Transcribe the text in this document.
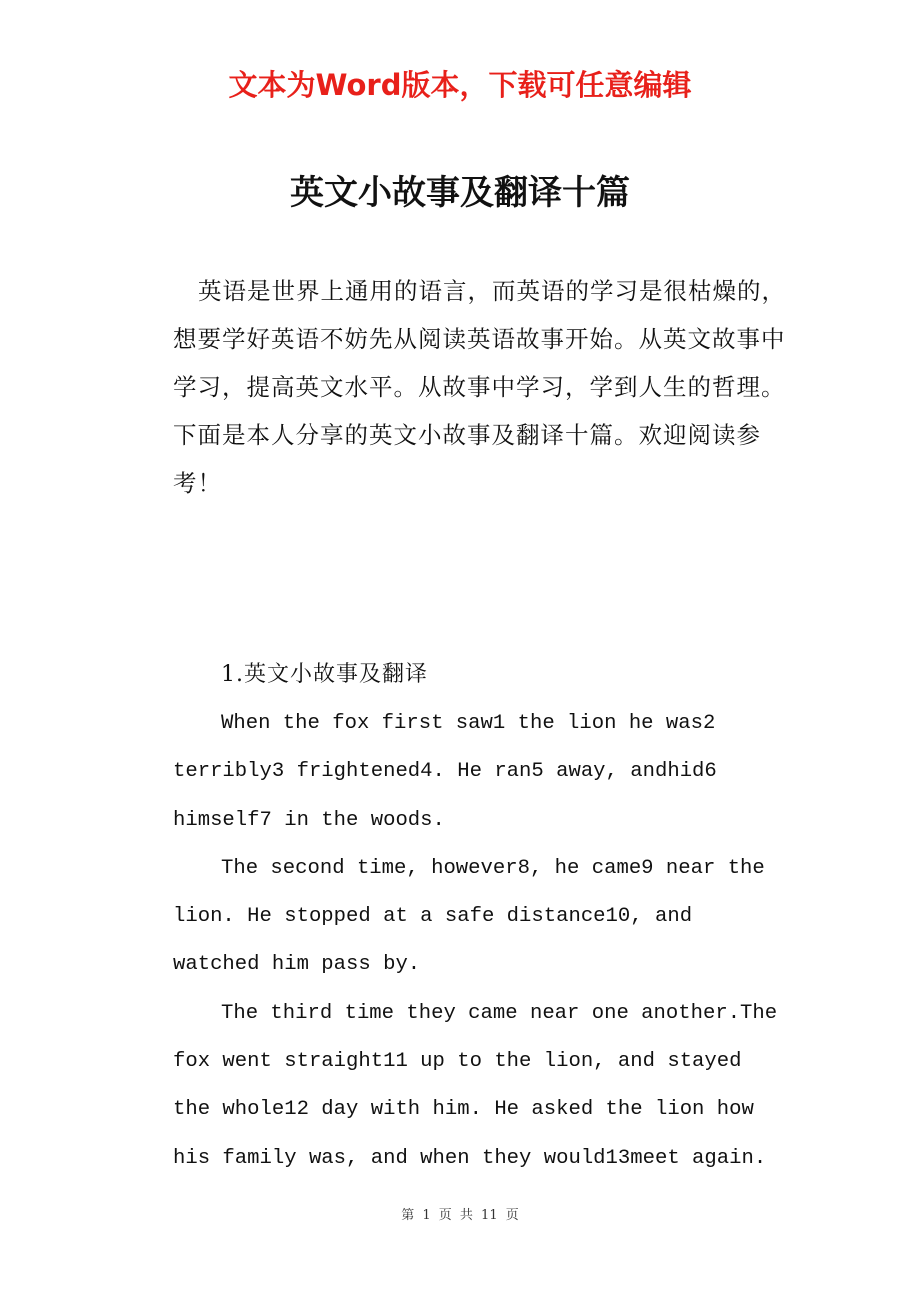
文本为Word版本，下载可任意编辑
英文小故事及翻译十篇
英语是世界上通用的语言，而英语的学习是很枯燥的，
想要学好英语不妨先从阅读英语故事开始。从英文故事中
学习，提高英文水平。从故事中学习，学到人生的哲理。
下面是本人分享的英文小故事及翻译十篇。欢迎阅读参
考！
1.英文小故事及翻译
When the fox first saw1 the lion he was2
terribly3 frightened4. He ran5 away, andhid6
himself7 in the woods.
The second time, however8, he came9 near the
lion. He stopped at a safe distance10, and
watched him pass by.
The third time they came near one another.The
fox went straight11 up to the lion, and stayed
the whole12 day with him. He asked the lion how
his family was, and when they would13meet again.
第 1 页 共 11 页
